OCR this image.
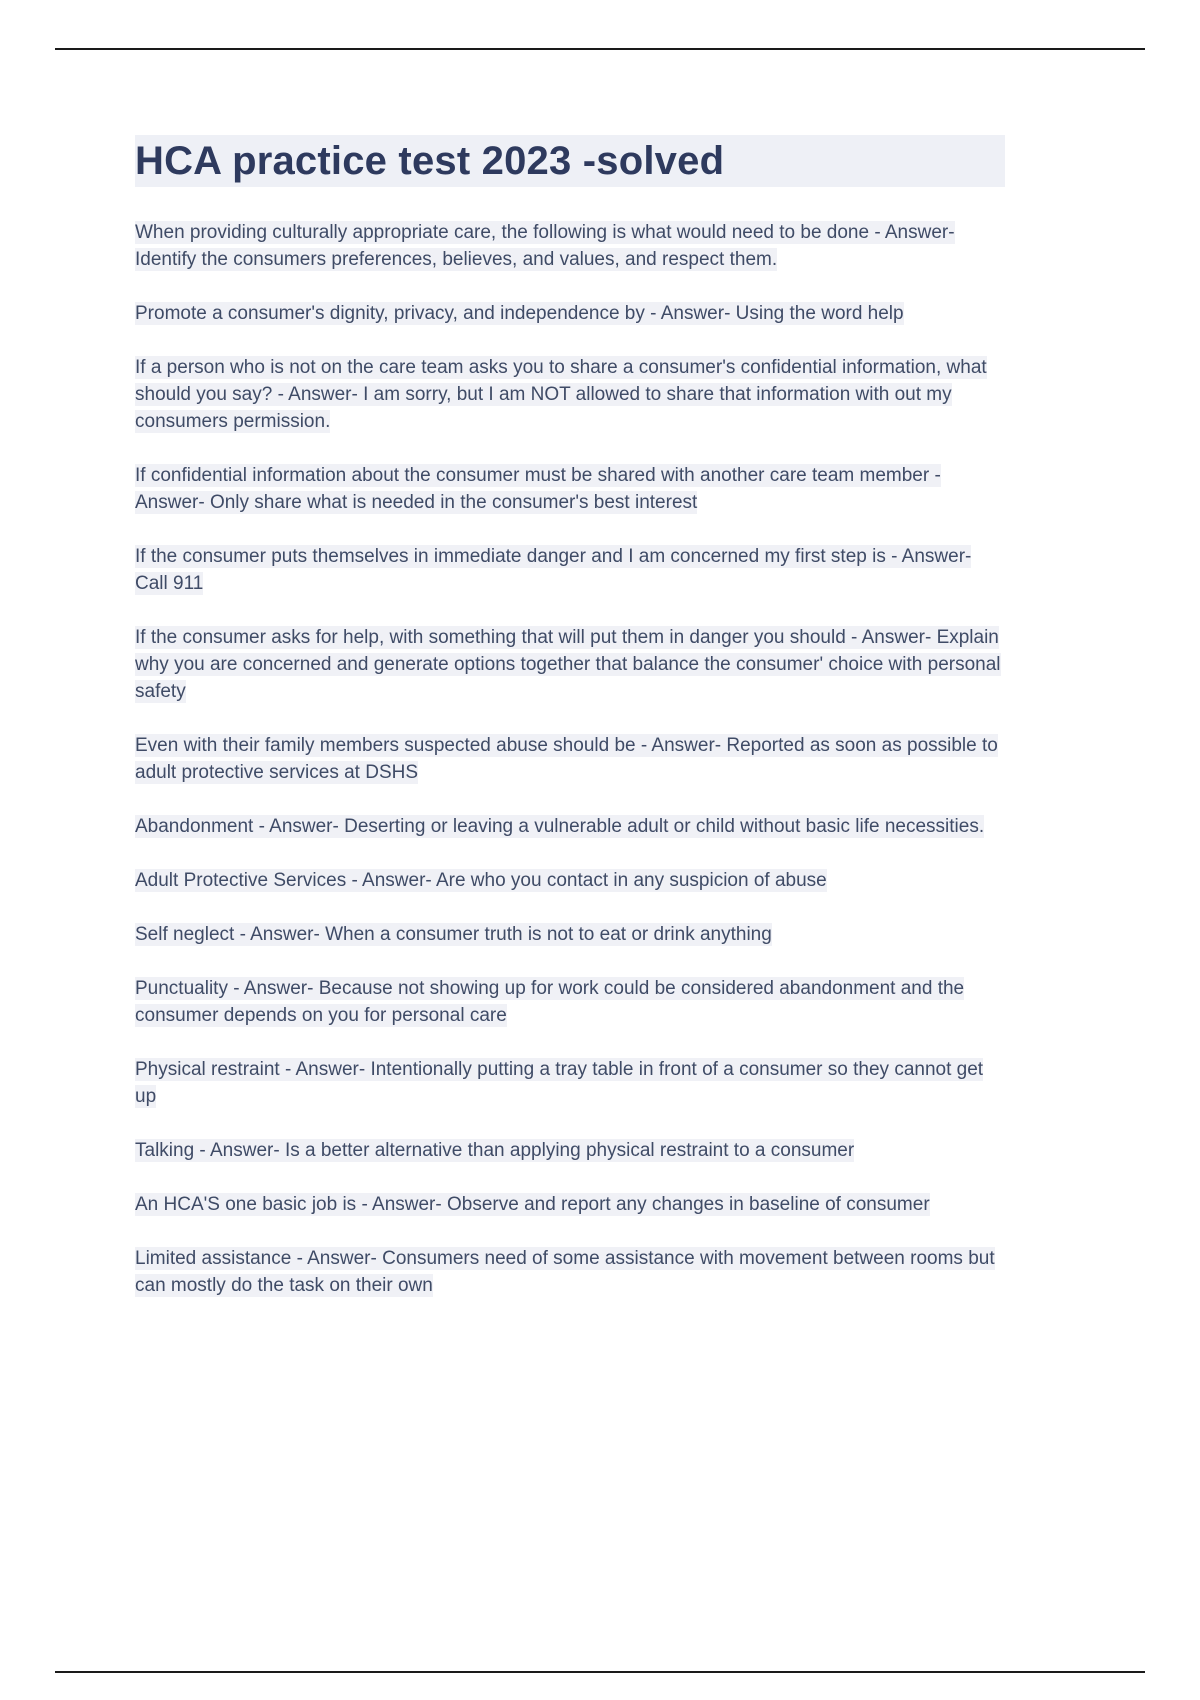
HCA practice test 2023 -solved

When providing culturally appropriate care, the following is what would need to be done - Answer- Identify the consumers preferences, believes, and values, and respect them.

Promote a consumer's dignity, privacy, and independence by - Answer- Using the word help

If a person who is not on the care team asks you to share a consumer's confidential information, what should you say? - Answer- I am sorry, but I am NOT allowed to share that information with out my consumers permission.

If confidential information about the consumer must be shared with another care team member - Answer- Only share what is needed in the consumer's best interest

If the consumer puts themselves in immediate danger and I am concerned my first step is - Answer- Call 911

If the consumer asks for help, with something that will put them in danger you should - Answer- Explain why you are concerned and generate options together that balance the consumer' choice with personal safety

Even with their family members suspected abuse should be - Answer- Reported as soon as possible to adult protective services at DSHS

Abandonment - Answer- Deserting or leaving a vulnerable adult or child without basic life necessities.

Adult Protective Services - Answer- Are who you contact in any suspicion of abuse

Self neglect - Answer- When a consumer truth is not to eat or drink anything

Punctuality - Answer- Because not showing up for work could be considered abandonment and the consumer depends on you for personal care

Physical restraint - Answer- Intentionally putting a tray table in front of a consumer so they cannot get up

Talking - Answer- Is a better alternative than applying physical restraint to a consumer

An HCA'S one basic job is - Answer- Observe and report any changes in baseline of consumer

Limited assistance - Answer- Consumers need of some assistance with movement between rooms but can mostly do the task on their own
